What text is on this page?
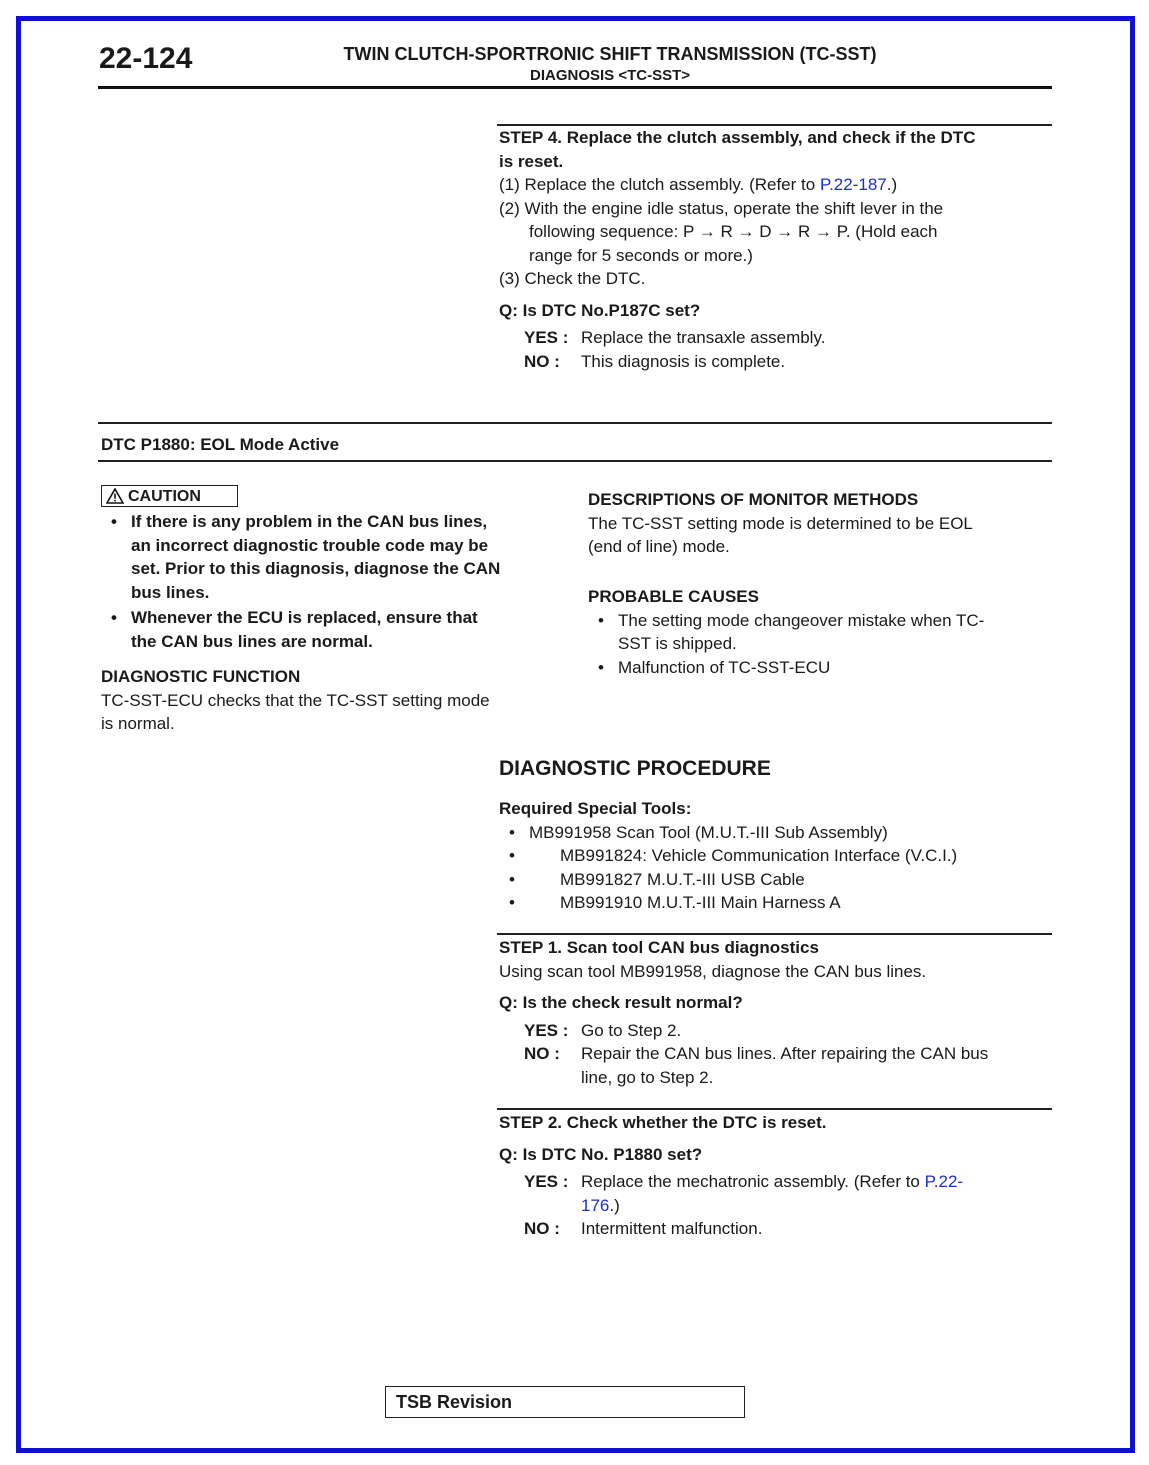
22-124	TWIN CLUTCH-SPORTRONIC SHIFT TRANSMISSION (TC-SST)
DIAGNOSIS <TC-SST>
STEP 4. Replace the clutch assembly, and check if the DTC
is reset.
(1) Replace the clutch assembly. (Refer to P.22-187.)
(2) With the engine idle status, operate the shift lever in the
following sequence: P → R → D → R → P. (Hold each
range for 5 seconds or more.)
(3) Check the DTC.
Q: Is DTC No.P187C set?
YES : Replace the transaxle assembly.
NO : This diagnosis is complete.
DTC P1880: EOL Mode Active
CAUTION
• If there is any problem in the CAN bus lines,
an incorrect diagnostic trouble code may be
set. Prior to this diagnosis, diagnose the CAN
bus lines.
• Whenever the ECU is replaced, ensure that
the CAN bus lines are normal.
DIAGNOSTIC FUNCTION
TC-SST-ECU checks that the TC-SST setting mode
is normal.
DESCRIPTIONS OF MONITOR METHODS
The TC-SST setting mode is determined to be EOL
(end of line) mode.
PROBABLE CAUSES
• The setting mode changeover mistake when TC-
SST is shipped.
• Malfunction of TC-SST-ECU
DIAGNOSTIC PROCEDURE
Required Special Tools:
• MB991958 Scan Tool (M.U.T.-III Sub Assembly)
• MB991824: Vehicle Communication Interface (V.C.I.)
• MB991827 M.U.T.-III USB Cable
• MB991910 M.U.T.-III Main Harness A
STEP 1. Scan tool CAN bus diagnostics
Using scan tool MB991958, diagnose the CAN bus lines.
Q: Is the check result normal?
YES : Go to Step 2.
NO :	Repair the CAN bus lines. After repairing the CAN bus
line, go to Step 2.
STEP 2. Check whether the DTC is reset.
Q: Is DTC No. P1880 set?
YES : Replace the mechatronic assembly. (Refer to P.22-
176.)
NO : Intermittent malfunction.
TSB Revision
